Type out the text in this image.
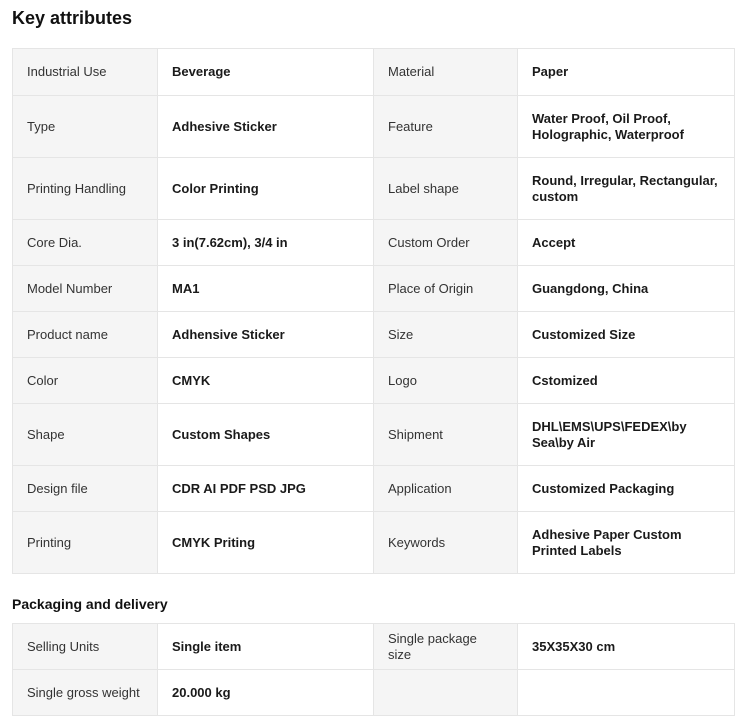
Key attributes
Industrial Use	Beverage	Material	Paper
Type	Adhesive Sticker	Feature	Water Proof, Oil Proof, Holographic, Waterproof
Printing Handling	Color Printing	Label shape	Round, Irregular, Rectangular, custom
Core Dia.	3 in(7.62cm), 3/4 in	Custom Order	Accept
Model Number	MA1	Place of Origin	Guangdong, China
Product name	Adhensive Sticker	Size	Customized Size
Color	CMYK	Logo	Cstomized
Shape	Custom Shapes	Shipment	DHL\EMS\UPS\FEDEX\by Sea\by Air
Design file	CDR AI PDF PSD JPG	Application	Customized Packaging
Printing	CMYK Priting	Keywords	Adhesive Paper Custom Printed Labels
Packaging and delivery
Selling Units	Single item	Single package size	35X35X30 cm
Single gross weight	20.000 kg		
